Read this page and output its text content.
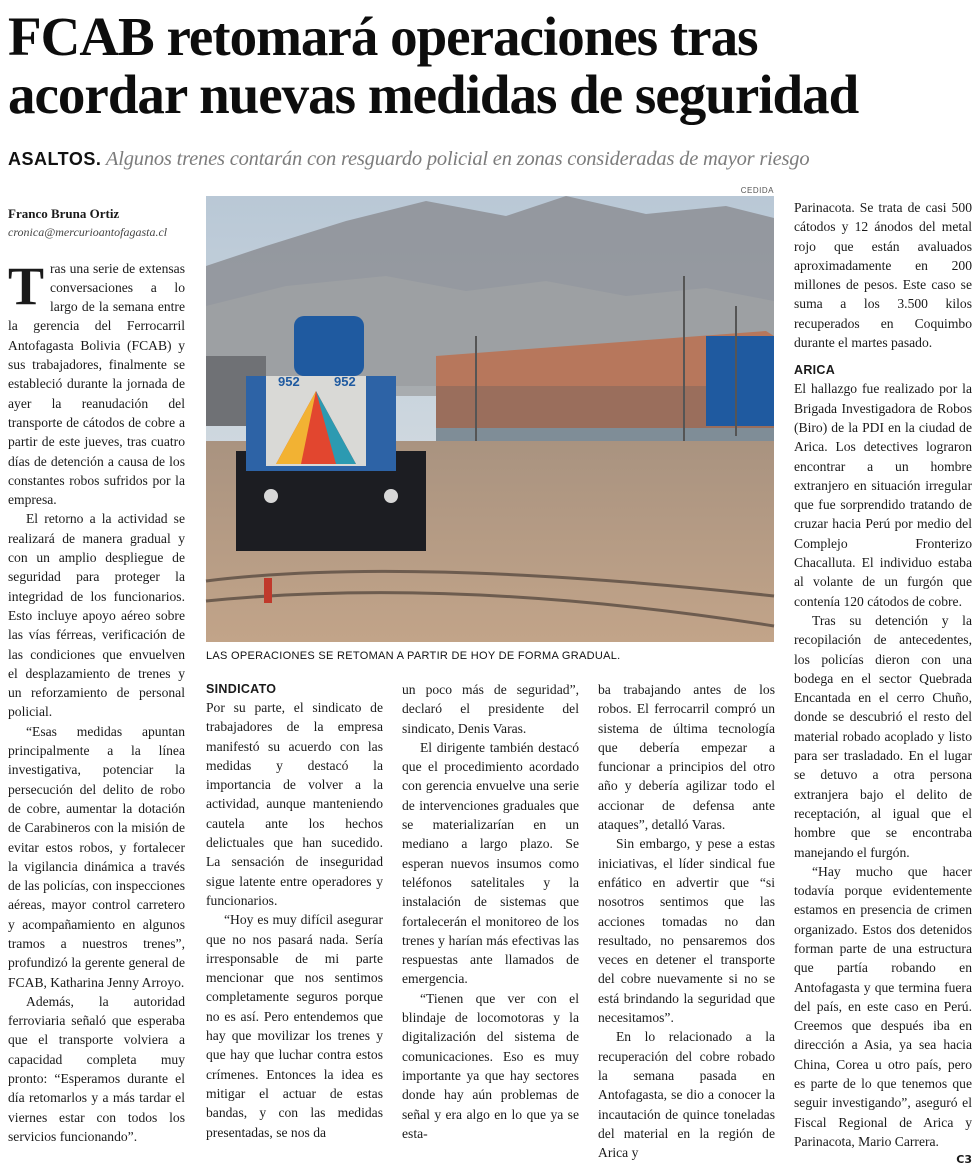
FCAB retomará operaciones tras
acordar nuevas medidas de seguridad
ASALTOS. Algunos trenes contarán con resguardo policial en zonas consideradas de mayor riesgo
Franco Bruna Ortiz
cronica@mercurioantofagasta.cl

Tras una serie de extensas conversaciones a lo largo de la semana entre la gerencia del Ferrocarril Antofagasta Bolivia (FCAB) y sus trabajadores, finalmente se estableció durante la jornada de ayer la reanudación del transporte de cátodos de cobre a partir de este jueves, tras cuatro días de detención a causa de los constantes robos sufridos por la empresa.

El retorno a la actividad se realizará de manera gradual y con un amplio despliegue de seguridad para proteger la integridad de los funcionarios. Esto incluye apoyo aéreo sobre las vías férreas, verificación de las condiciones que envuelven el desplazamiento de trenes y un reforzamiento de personal policial.

“Esas medidas apuntan principalmente a la línea investigativa, potenciar la persecución del delito de robo de cobre, aumentar la dotación de Carabineros con la misión de evitar estos robos, y fortalecer la vigilancia dinámica a través de las policías, con inspecciones aéreas, mayor control carretero y acompañamiento en algunos tramos a nuestros trenes”, profundizó la gerente general de FCAB, Katharina Jenny Arroyo.

Además, la autoridad ferroviaria señaló que esperaba que el transporte volviera a capacidad completa muy pronto: “Esperamos durante el día retomarlos y a más tardar el viernes estar con todos los servicios funcionando”.

CEDIDA
952	952
LAS OPERACIONES SE RETOMAN A PARTIR DE HOY DE FORMA GRADUAL.
SINDICATO

Por su parte, el sindicato de trabajadores de la empresa manifestó su acuerdo con las medidas y destacó la importancia de volver a la actividad, aunque manteniendo cautela ante los hechos delictuales que han sucedido. La sensación de inseguridad sigue latente entre operadores y funcionarios.

“Hoy es muy difícil asegurar que no nos pasará nada. Sería irresponsable de mi parte mencionar que nos sentimos completamente seguros porque no es así. Pero entendemos que hay que movilizar los trenes y que hay que luchar contra estos crímenes. Entonces la idea es mitigar el actuar de estas bandas, y con las medidas presentadas, se nos da

un poco más de seguridad”, declaró el presidente del sindicato, Denis Varas.

El dirigente también destacó que el procedimiento acordado con gerencia envuelve una serie de intervenciones graduales que se materializarían en un mediano a largo plazo. Se esperan nuevos insumos como teléfonos satelitales y la instalación de sistemas que fortalecerán el monitoreo de los trenes y harían más efectivas las respuestas ante llamados de emergencia.

“Tienen que ver con el blindaje de locomotoras y la digitalización del sistema de comunicaciones. Eso es muy importante ya que hay sectores donde hay aún problemas de señal y era algo en lo que ya se esta-

ba trabajando antes de los robos. El ferrocarril compró un sistema de última tecnología que debería empezar a funcionar a principios del otro año y debería agilizar todo el accionar de defensa ante ataques”, detalló Varas.

Sin embargo, y pese a estas iniciativas, el líder sindical fue enfático en advertir que “si nosotros sentimos que las acciones tomadas no dan resultado, no pensaremos dos veces en detener el transporte del cobre nuevamente si no se está brindando la seguridad que necesitamos”.

En lo relacionado a la recuperación del cobre robado la semana pasada en Antofagasta, se dio a conocer la incautación de quince toneladas del material en la región de Arica y

Parinacota. Se trata de casi 500 cátodos y 12 ánodos del metal rojo que están avaluados aproximadamente en 200 millones de pesos. Este caso se suma a los 3.500 kilos recuperados en Coquimbo durante el martes pasado.

ARICA

El hallazgo fue realizado por la Brigada Investigadora de Robos (Biro) de la PDI en la ciudad de Arica. Los detectives lograron encontrar a un hombre extranjero en situación irregular que fue sorprendido tratando de cruzar hacia Perú por medio del Complejo Fronterizo Chacalluta. El individuo estaba al volante de un furgón que contenía 120 cátodos de cobre.

Tras su detención y la recopilación de antecedentes, los policías dieron con una bodega en el sector Quebrada Encantada en el cerro Chuño, donde se descubrió el resto del material robado acoplado y listo para ser trasladado. En el lugar se detuvo a otra persona extranjera bajo el delito de receptación, al igual que el hombre que se encontraba manejando el furgón.

“Hay mucho que hacer todavía porque evidentemente estamos en presencia de crimen organizado. Estos dos detenidos forman parte de una estructura que partía robando en Antofagasta y que termina fuera del país, en este caso en Perú. Creemos que después iba en dirección a Asia, ya sea hacia China, Corea u otro país, pero es parte de lo que tenemos que seguir investigando”, aseguró el Fiscal Regional de Arica y Parinacota, Mario Carrera.

C3
